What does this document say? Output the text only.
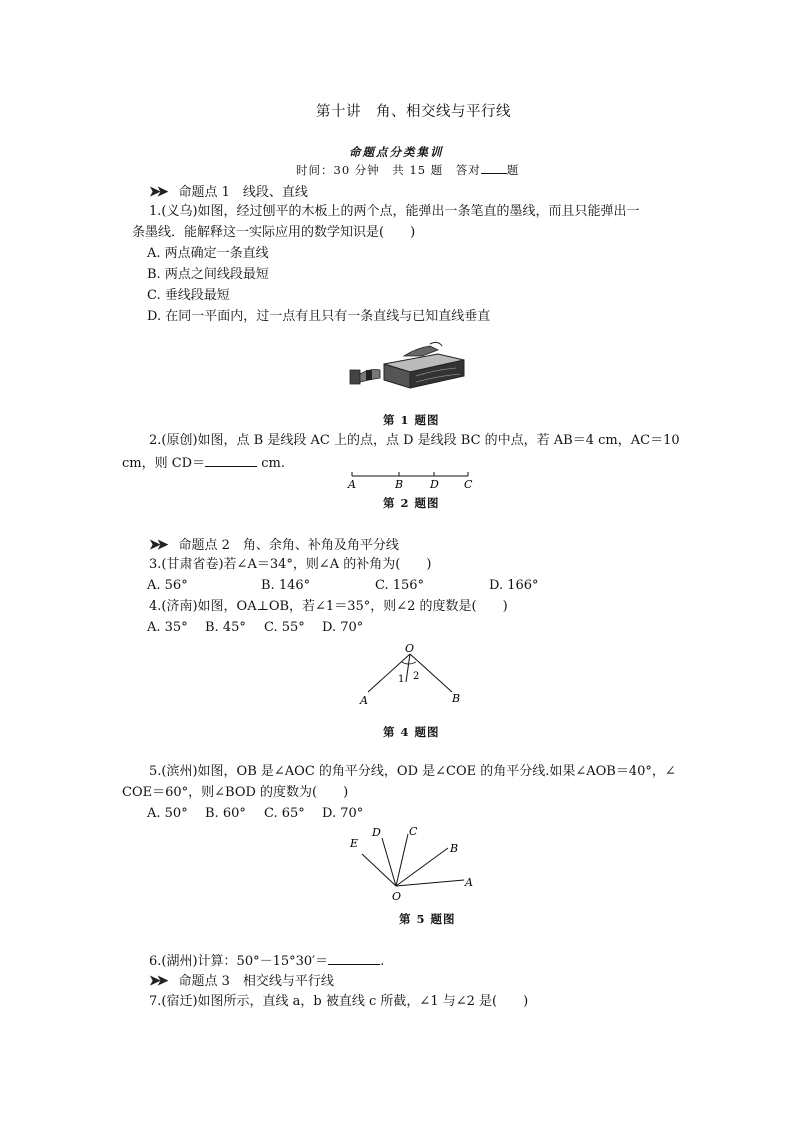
第十讲　角、相交线与平行线
命题点分类集训
时间：30 分钟　共 15 题　答对 题
➤➤ 命题点 1　线段、直线
1.(义乌)如图，经过刨平的木板上的两个点，能弹出一条笔直的墨线，而且只能弹出一
条墨线．能解释这一实际应用的数学知识是(　　)
A. 两点确定一条直线
B. 两点之间线段最短
C. 垂线段最短
D. 在同一平面内，过一点有且只有一条直线与已知直线垂直
第 1 题图
2.(原创)如图，点 B 是线段 AC 上的点，点 D 是线段 BC 的中点，若 AB＝4 cm，AC＝10
cm，则 CD＝	cm.
A	B D C
第 2 题图
➤➤ 命题点 2　角、余角、补角及角平分线
3.(甘肃省卷)若∠A＝34°，则∠A 的补角为(　　)
A. 56°	B. 146°	C. 156°	D. 166°
4.(济南)如图，OA⊥OB，若∠1＝35°，则∠2 的度数是(　　)
A. 35° B. 45° C. 55° D. 70°
O
A	B
1 2
第 4 题图
5.(滨州)如图，OB 是∠AOC 的角平分线，OD 是∠COE 的角平分线.如果∠AOB＝40°，∠
COE＝60°，则∠BOD 的度数为(　　)
A. 50° B. 60° C. 65° D. 70°
O
A
B
C
D
E
第 5 题图
6.(湖州)计算：50°－15°30′＝	.
➤➤ 命题点 3　相交线与平行线
7.(宿迁)如图所示，直线 a，b 被直线 c 所截，∠1 与∠2 是(　　)
